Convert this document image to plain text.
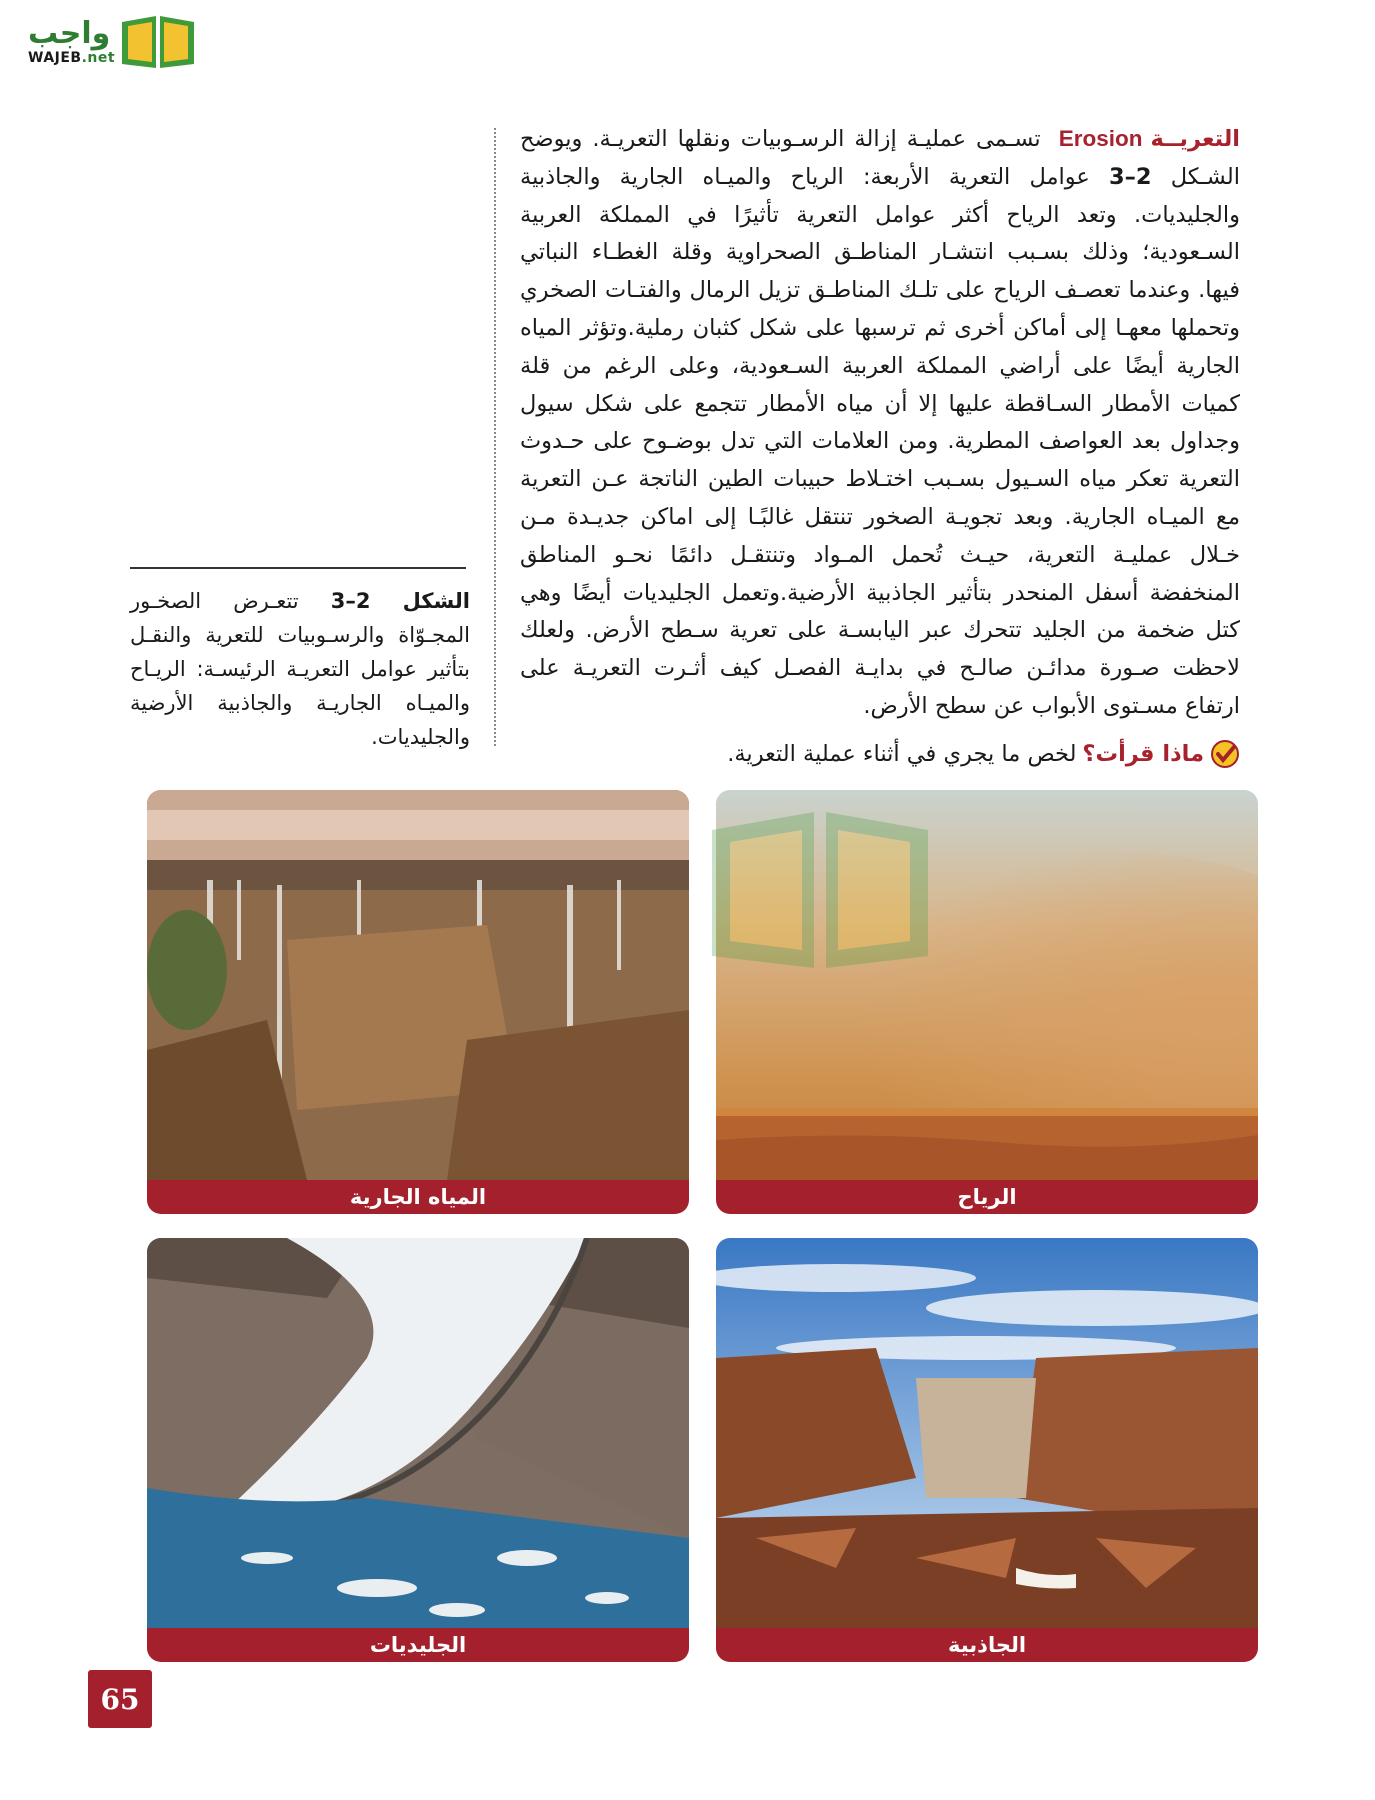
واجب
WAJEB.net
التعريــةErosion تسـمى عمليـة إزالة الرسـوبيات ونقلها التعريـة. ويوضح الشـكل 2–3 عوامل التعرية الأربعة: الرياح والميـاه الجارية والجاذبية والجليديات. وتعد الرياح أكثر عوامل التعرية تأثيرًا في المملكة العربية السـعودية؛ وذلك بسـبب انتشـار المناطـق الصحراوية وقلة الغطـاء النباتي فيها. وعندما تعصـف الرياح على تلـك المناطـق تزيل الرمال والفتـات الصخري وتحملها معهـا إلى أماكن أخرى ثم ترسبها على شكل كثبان رملية.وتؤثر المياه الجارية أيضًا على أراضي المملكة العربية السـعودية، وعلى الرغم من قلة كميات الأمطار السـاقطة عليها إلا أن مياه الأمطار تتجمع على شكل سيول وجداول بعد العواصف المطرية. ومن العلامات التي تدل بوضـوح على حـدوث التعرية تعكر مياه السـيول بسـبب اختـلاط حبيبات الطين الناتجة عـن التعرية مع الميـاه الجارية. وبعد تجويـة الصخور تنتقل غالبًـا إلى اماكن جديـدة مـن خـلال عمليـة التعرية، حيـث تُحمل المـواد وتنتقـل دائمًا نحـو المناطق المنخفضة أسفل المنحدر بتأثير الجاذبية الأرضية.وتعمل الجليديات أيضًا وهي كتل ضخمة من الجليد تتحرك عبر اليابسـة على تعرية سـطح الأرض. ولعلك لاحظت صـورة مدائـن صالـح في بدايـة الفصـل كيف أثـرت التعريـة على ارتفاع مسـتوى الأبواب عن سطح الأرض.
الشكل 2–3 تتعـرض الصخـور المجـوّاة والرسـوبيات للتعرية والنقـل بتأثير عوامل التعريـة الرئيسـة: الريـاح والميـاه الجاريـة والجاذبية الأرضية والجليديات.
ماذا قرأت؟
لخص ما يجري في أثناء عملية التعرية.
الرياح
المياه الجارية
الجاذبية
الجليديات
65
